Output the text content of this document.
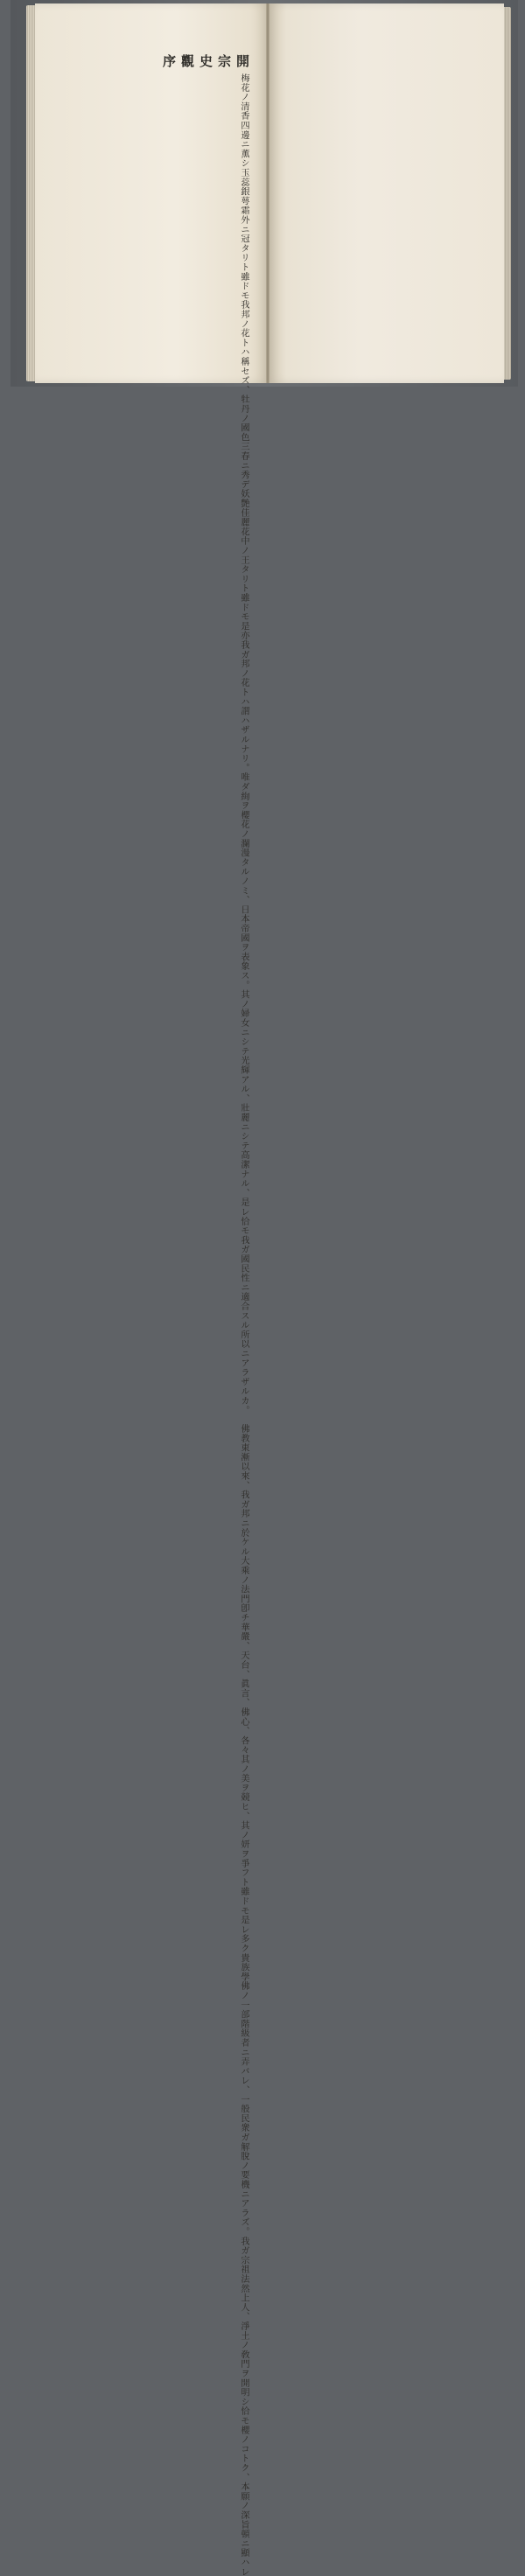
開宗史觀序
梅花ノ清香四邊ニ薫シ玉蕊銀萼霜外ニ冠タリト雖ドモ我邦ノ花トハ
稱セズ、牡丹ノ國色三春ニ秀デ妖艶佳麗花中ノ王タリト雖ドモ是亦
我ガ邦ノ花トハ謂ハザルナリ。唯ダ絢ヲ櫻花ノ瀾漫タルノミ、日本
帝國ヲ表象ス。其ノ婦女ニシテ光輝アル、壯麗ニシテ高潔ナル、是
レ恰モ我ガ國民性ニ適合スル所以ニアラザルカ。
佛教東漸以來、我ガ邦ニ於ケル大乘ノ法門卽チ華嚴、天台、眞言、
佛心、各々其ノ美ヲ競ヒ、其ノ妍ヲ爭フト雖ドモ是レ多ク貴族學佛
ノ一部階級者ニ弄バレ、一般民衆ガ解脫ノ要機ニアラズ。我ガ宗祖
法然上人、淨土ノ敎門ヲ開明シ恰モ櫻ノコトク、本願ノ深旨頓ニ顯ハレ
